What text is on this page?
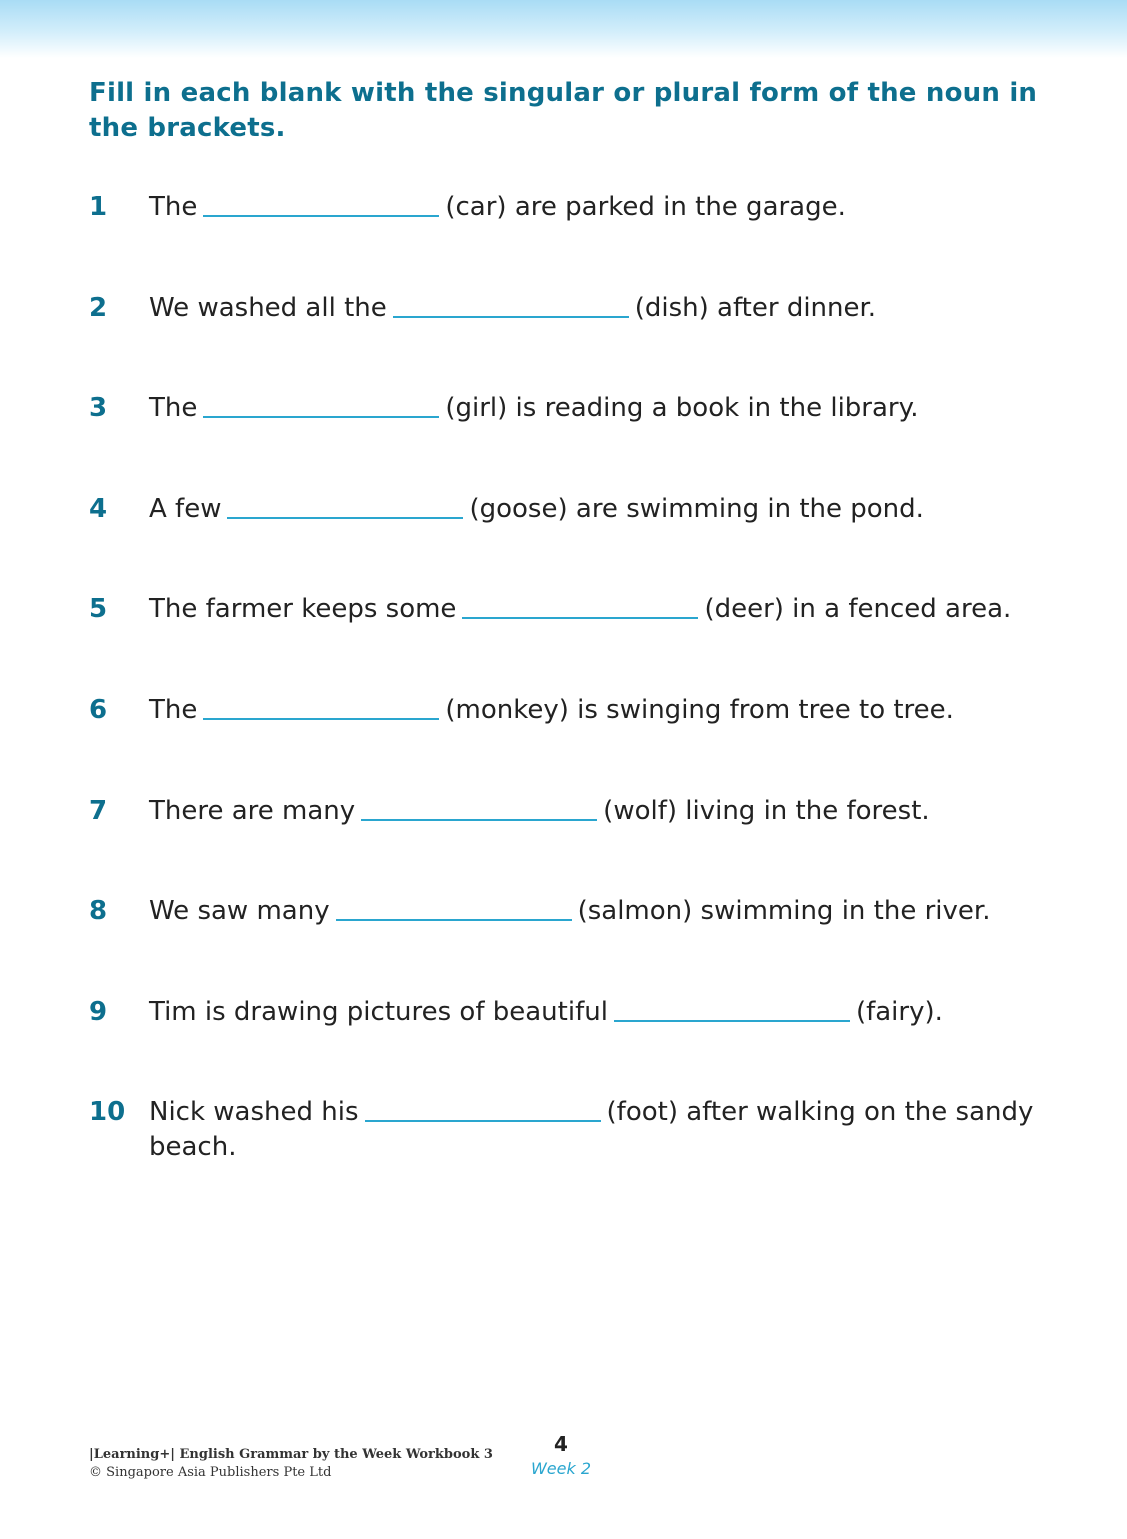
Fill in each blank with the singular or plural form of the noun in the brackets.

1	The	(car) are parked in the garage.
2	We washed all the	(dish) after dinner.
3	The	(girl) is reading a book in the library.
4	A few	(goose) are swimming in the pond.
5	The farmer keeps some	(deer) in a fenced area.
6	The	(monkey) is swinging from tree to tree.
7	There are many	(wolf) living in the forest.
8	We saw many	(salmon) swimming in the river.
9	Tim is drawing pictures of beautiful	(fairy).
10 Nick washed his	(foot) after walking on the sandy beach.
|Learning+| English Grammar by the Week Workbook 3
© Singapore Asia Publishers Pte Ltd
4
Week 2
